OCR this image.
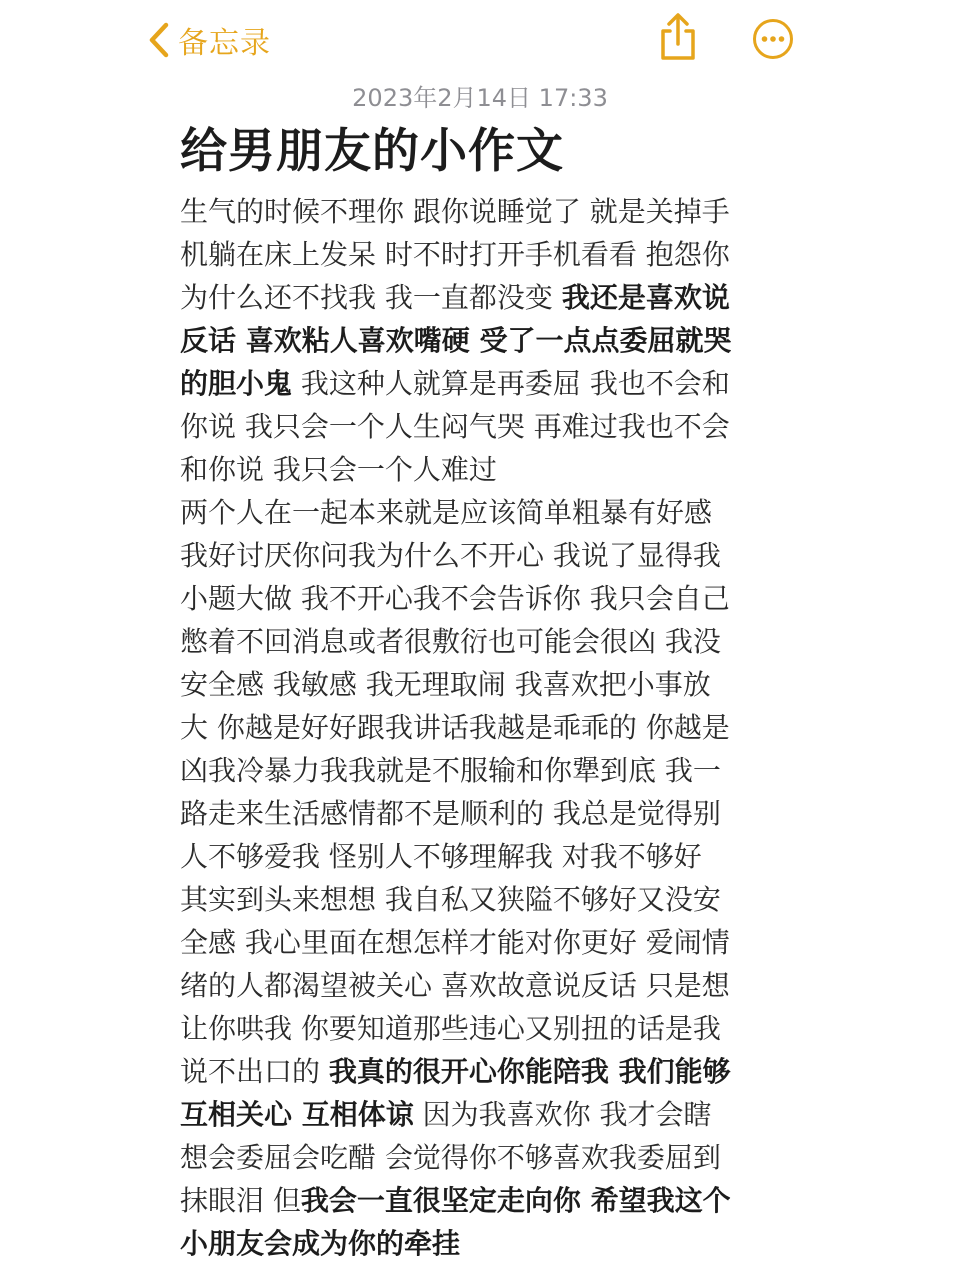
备忘录
2023年2月14日 17:33
给男朋友的小作文
生气的时候不理你 跟你说睡觉了 就是关掉手
机躺在床上发呆 时不时打开手机看看 抱怨你
为什么还不找我 我一直都没变 我还是喜欢说
反话 喜欢粘人喜欢嘴硬 受了一点点委屈就哭
的胆小鬼 我这种人就算是再委屈 我也不会和
你说 我只会一个人生闷气哭 再难过我也不会
和你说 我只会一个人难过
两个人在一起本来就是应该简单粗暴有好感
我好讨厌你问我为什么不开心 我说了显得我
小题大做 我不开心我不会告诉你 我只会自己
憋着不回消息或者很敷衍也可能会很凶 我没
安全感 我敏感 我无理取闹 我喜欢把小事放
大 你越是好好跟我讲话我越是乖乖的 你越是
凶我冷暴力我我就是不服输和你犟到底 我一
路走来生活感情都不是顺利的 我总是觉得别
人不够爱我 怪别人不够理解我 对我不够好
其实到头来想想 我自私又狭隘不够好又没安
全感 我心里面在想怎样才能对你更好 爱闹情
绪的人都渴望被关心 喜欢故意说反话 只是想
让你哄我 你要知道那些违心又别扭的话是我
说不出口的 我真的很开心你能陪我 我们能够
互相关心 互相体谅 因为我喜欢你 我才会瞎
想会委屈会吃醋 会觉得你不够喜欢我委屈到
抹眼泪 但我会一直很坚定走向你 希望我这个
小朋友会成为你的牵挂
